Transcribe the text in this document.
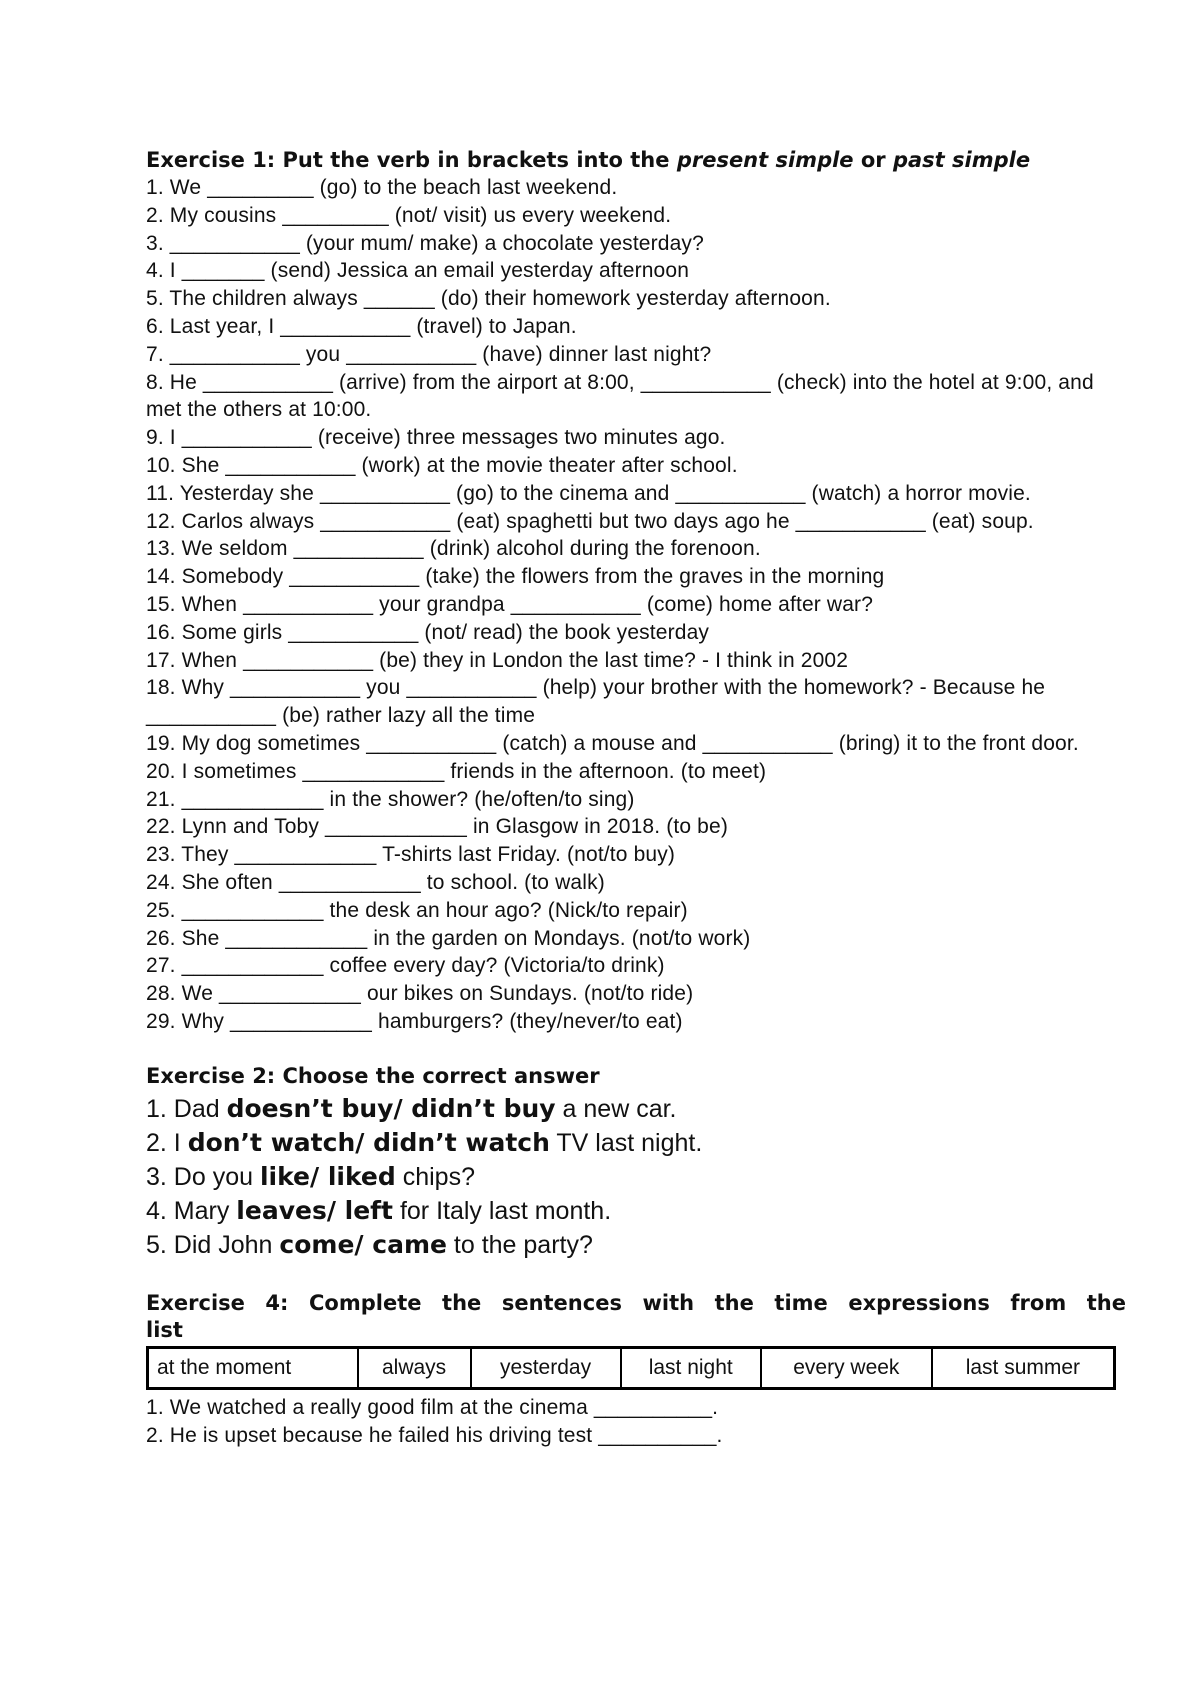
Exercise 1: Put the verb in brackets into the present simple or past simple

1. We _________ (go) to the beach last weekend.
2. My cousins _________ (not/ visit) us every weekend.
3. ___________ (your mum/ make) a chocolate yesterday?
4. I _______ (send) Jessica an email yesterday afternoon
5. The children always ______ (do) their homework yesterday afternoon.
6. Last year, I ___________ (travel) to Japan.
7. ___________ you ___________ (have) dinner last night?
8. He ___________ (arrive) from the airport at 8:00, ___________ (check) into the hotel at 9:00, and met the others at 10:00.
9. I ___________ (receive) three messages two minutes ago.
10. She ___________ (work) at the movie theater after school.
11. Yesterday she ___________ (go) to the cinema and ___________ (watch) a horror movie.
12. Carlos always ___________ (eat) spaghetti but two days ago he ___________ (eat) soup.
13. We seldom ___________ (drink) alcohol during the forenoon.
14. Somebody ___________ (take) the flowers from the graves in the morning
15. When ___________ your grandpa ___________ (come) home after war?
16. Some girls ___________ (not/ read) the book yesterday
17. When ___________ (be) they in London the last time? - I think in 2002
18. Why ___________ you ___________ (help) your brother with the homework? - Because he ___________ (be) rather lazy all the time
19. My dog sometimes ___________ (catch) a mouse and ___________ (bring) it to the front door.
20. I sometimes ____________ friends in the afternoon. (to meet)
21. ____________ in the shower? (he/often/to sing)
22. Lynn and Toby ____________ in Glasgow in 2018. (to be)
23. They ____________ T-shirts last Friday. (not/to buy)
24. She often ____________ to school. (to walk)
25. ____________ the desk an hour ago? (Nick/to repair)
26. She ____________ in the garden on Mondays. (not/to work)
27. ____________ coffee every day? (Victoria/to drink)
28. We ____________ our bikes on Sundays. (not/to ride)
29. Why ____________ hamburgers? (they/never/to eat)

Exercise 2: Choose the correct answer

1. Dad doesn’t buy/ didn’t buy a new car.
2. I don’t watch/ didn’t watch TV last night.
3. Do you like/ liked chips?
4. Mary leaves/ left for Italy last month.
5. Did John come/ came to the party?

Exercise 4: Complete the sentences with the time expressions from the list

at the moment	always	yesterday	last night	every week	last summer
1. We watched a really good film at the cinema __________.
2. He is upset because he failed his driving test __________.
